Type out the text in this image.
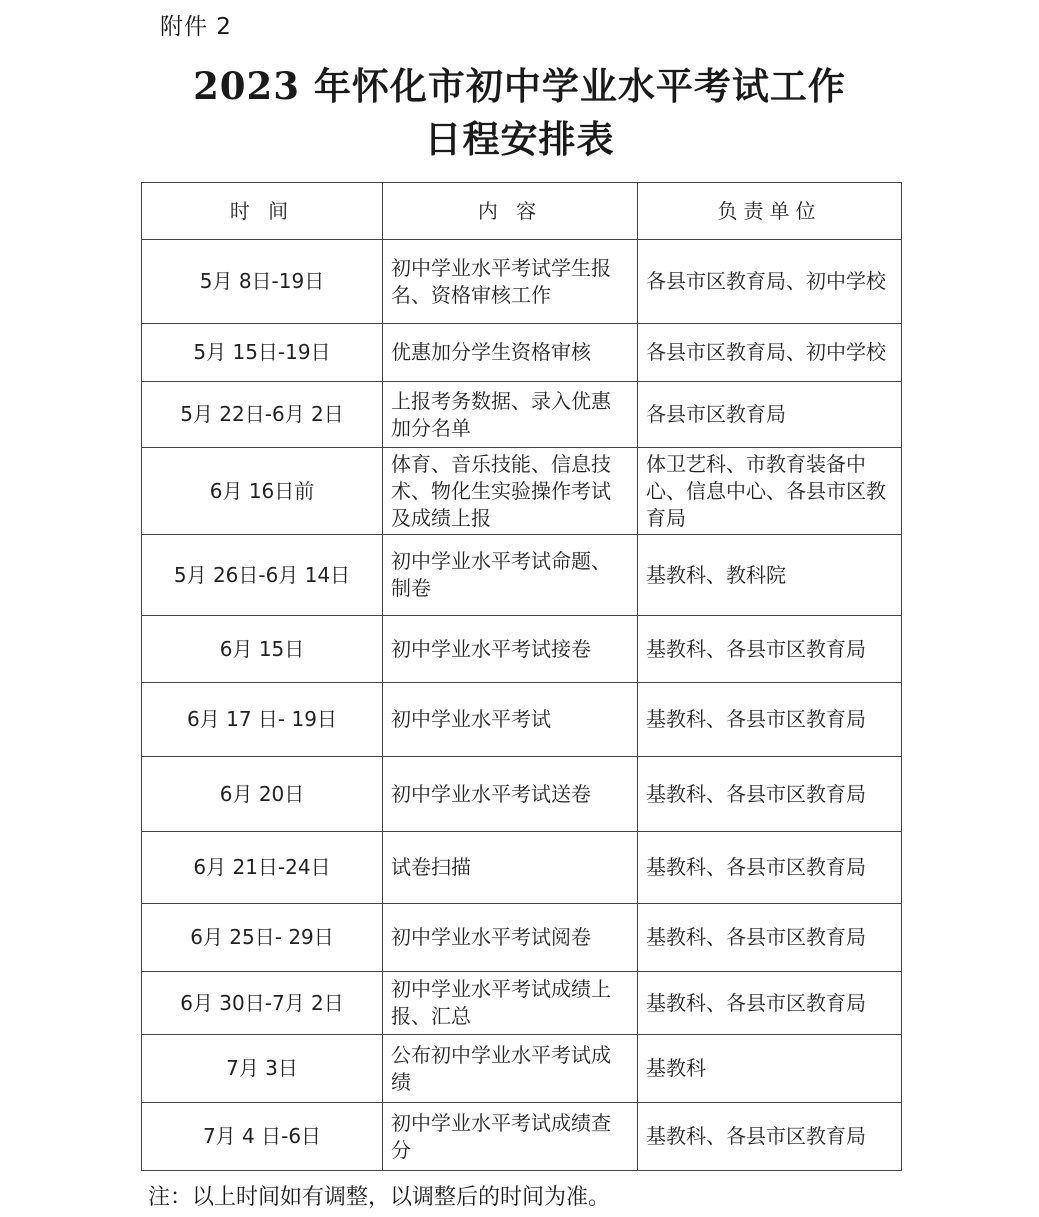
附件 2
2023 年怀化市初中学业水平考试工作
日程安排表
时 间	内 容	负责单位
5月 8日-19日	初中学业水平考试学生报名、资格审核工作	各县市区教育局、初中学校
5月 15日-19日	优惠加分学生资格审核	各县市区教育局、初中学校
5月 22日-6月 2日	上报考务数据、录入优惠加分名单	各县市区教育局
6月 16日前	体育、音乐技能、信息技术、物化生实验操作考试及成绩上报	体卫艺科、市教育装备中心、信息中心、各县市区教育局
5月 26日-6月 14日	初中学业水平考试命题、制卷	基教科、教科院
6月 15日	初中学业水平考试接卷	基教科、各县市区教育局
6月 17 日- 19日	初中学业水平考试	基教科、各县市区教育局
6月 20日	初中学业水平考试送卷	基教科、各县市区教育局
6月 21日-24日	试卷扫描	基教科、各县市区教育局
6月 25日- 29日	初中学业水平考试阅卷	基教科、各县市区教育局
6月 30日-7月 2日	初中学业水平考试成绩上报、汇总	基教科、各县市区教育局
7月 3日	公布初中学业水平考试成绩	基教科
7月 4 日-6日	初中学业水平考试成绩查分	基教科、各县市区教育局
注：以上时间如有调整，以调整后的时间为准。
